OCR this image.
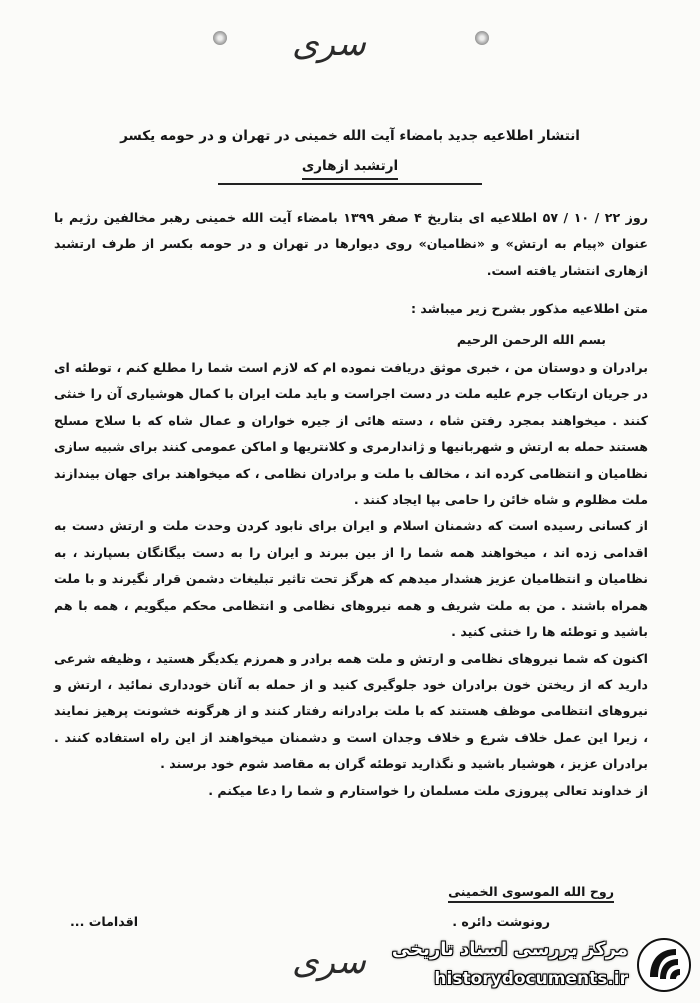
سری
انتشار اطلاعیه جدید بامضاء آیت الله خمینی در تهران و در حومه یکسر
ارتشبد ازهاری

روز ۲۲ / ۱۰ / ۵۷ اطلاعیه ای بتاریخ ۴ صفر ۱۳۹۹ بامضاء آیت الله خمینی رهبر مخالفین رژیم با عنوان «پیام به ارتش» و «نظامیان» روی دیوارها در تهران و در حومه بکسر از طرف ارتشبد ازهاری انتشار یافته است.

متن اطلاعیه مذکور بشرح زیر میباشد :

بسم الله الرحمن الرحیم

برادران و دوستان من ، خبری موثق دریافت نموده ام که لازم است شما را مطلع کنم ، توطئه ای در جریان ارتکاب جرم علیه ملت در دست اجراست و باید ملت ایران با کمال هوشیاری آن را خنثی کنند . میخواهند بمجرد رفتن شاه ، دسته هائی از جیره خواران و عمال شاه که با سلاح مسلح هستند حمله به ارتش و شهربانیها و ژاندارمری و کلانتریها و اماکن عمومی کنند برای شبیه سازی نظامیان و انتظامی کرده اند ، مخالف با ملت و برادران نظامی ، که میخواهند برای جهان بیندازند ملت مظلوم و شاه خائن را حامی بپا ایجاد کنند .

از کسانی رسیده است که دشمنان اسلام و ایران برای نابود کردن وحدت ملت و ارتش دست به اقدامی زده اند ، میخواهند همه شما را از بین ببرند و ایران را به دست بیگانگان بسپارند ، به نظامیان و انتظامیان عزیز هشدار میدهم که هرگز تحت تاثیر تبلیغات دشمن قرار نگیرند و با ملت همراه باشند . من به ملت شریف و همه نیروهای نظامی و انتظامی محکم میگویم ، همه با هم باشید و توطئه ها را خنثی کنید .

اکنون که شما نیروهای نظامی و ارتش و ملت همه برادر و همرزم یکدیگر هستید ، وظیفه شرعی دارید که از ریختن خون برادران خود جلوگیری کنید و از حمله به آنان خودداری نمائید ، ارتش و نیروهای انتظامی موظف هستند که با ملت برادرانه رفتار کنند و از هرگونه خشونت پرهیز نمایند ، زیرا این عمل خلاف شرع و خلاف وجدان است و دشمنان میخواهند از این راه استفاده کنند . برادران عزیز ، هوشیار باشید و نگذارید توطئه گران به مقاصد شوم خود برسند .

از خداوند تعالی پیروزی ملت مسلمان را خواستارم و شما را دعا میکنم .

روح الله الموسوی الخمینی
رونوشت دائره .
اقدامات ...
سری مرکز بررسی اسناد تاریخی
historydocuments.ir
